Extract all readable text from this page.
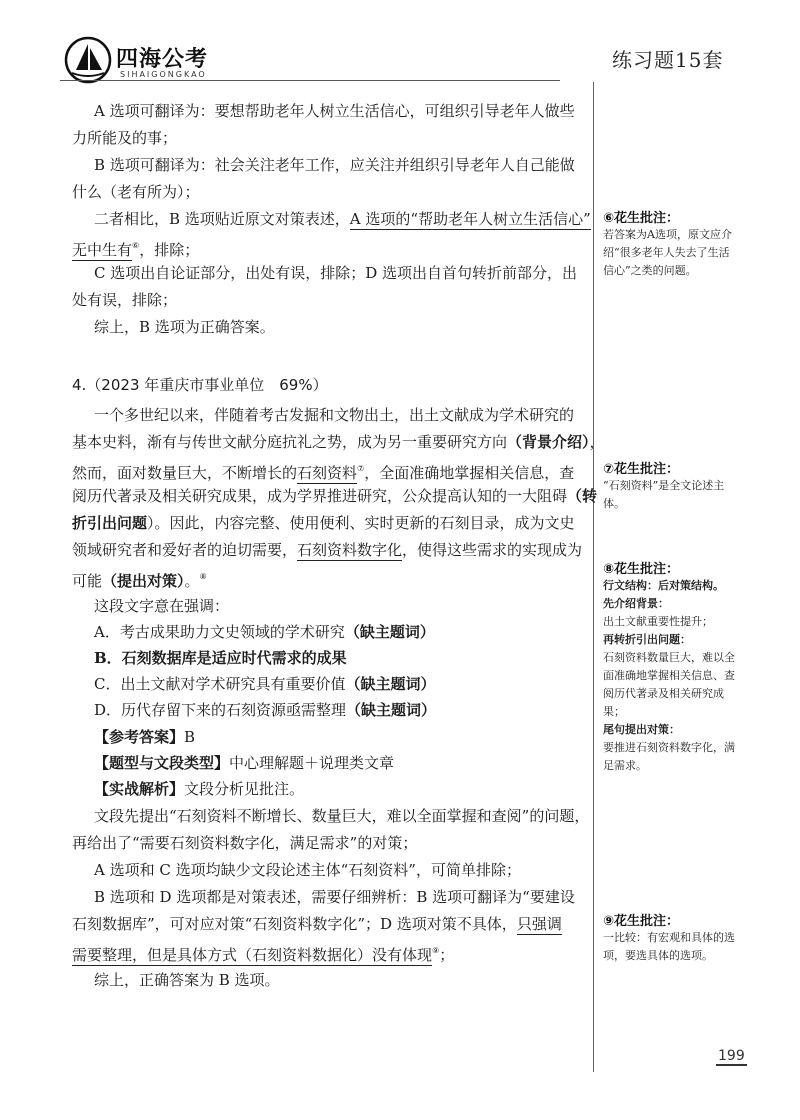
四海公考
SIHAIGONGKAO
练习题15套
A 选项可翻译为：要想帮助老年人树立生活信心，可组织引导老年人做些
力所能及的事；
B 选项可翻译为：社会关注老年工作，应关注并组织引导老年人自己能做
什么（老有所为）；
二者相比，B 选项贴近原文对策表述，A 选项的“帮助老年人树立生活信心”
无中生有⑥，排除；
C 选项出自论证部分，出处有误，排除；D 选项出自首句转折前部分，出
处有误，排除；
综上，B 选项为正确答案。
4.（2023 年重庆市事业单位　69%）
一个多世纪以来，伴随着考古发掘和文物出土，出土文献成为学术研究的
基本史料，渐有与传世文献分庭抗礼之势，成为另一重要研究方向（背景介绍），
然而，面对数量巨大，不断增长的石刻资料⑦，全面准确地掌握相关信息，查
阅历代著录及相关研究成果，成为学界推进研究，公众提高认知的一大阻碍（转
折引出问题）。因此，内容完整、使用便利、实时更新的石刻目录，成为文史
领域研究者和爱好者的迫切需要，石刻资料数字化，使得这些需求的实现成为
可能（提出对策）。⑧
这段文字意在强调：
A．考古成果助力文史领域的学术研究（缺主题词）
B．石刻数据库是适应时代需求的成果
C．出土文献对学术研究具有重要价值（缺主题词）
D．历代存留下来的石刻资源亟需整理（缺主题词）
【参考答案】B
【题型与文段类型】中心理解题＋说理类文章
【实战解析】文段分析见批注。
文段先提出“石刻资料不断增长、数量巨大，难以全面掌握和查阅”的问题，
再给出了“需要石刻资料数字化，满足需求”的对策；
A 选项和 C 选项均缺少文段论述主体“石刻资料”，可简单排除；
B 选项和 D 选项都是对策表述，需要仔细辨析：B 选项可翻译为“要建设
石刻数据库”，可对应对策“石刻资料数字化”；D 选项对策不具体，只强调
需要整理，但是具体方式（石刻资料数据化）没有体现⑨；
综上，正确答案为 B 选项。
⑥花生批注：
若答案为A选项，原文应介
绍“很多老年人失去了生活
信心”之类的问题。
⑦花生批注：
“石刻资料”是全文论述主
体。
⑧花生批注：
行文结构：后对策结构。
先介绍背景：
出土文献重要性提升；
再转折引出问题：
石刻资料数量巨大，难以全
面准确地掌握相关信息、查
阅历代著录及相关研究成
果；
尾句提出对策：
要推进石刻资料数字化，满
足需求。
⑨花生批注：
一比较：有宏观和具体的选
项，要选具体的选项。
199
